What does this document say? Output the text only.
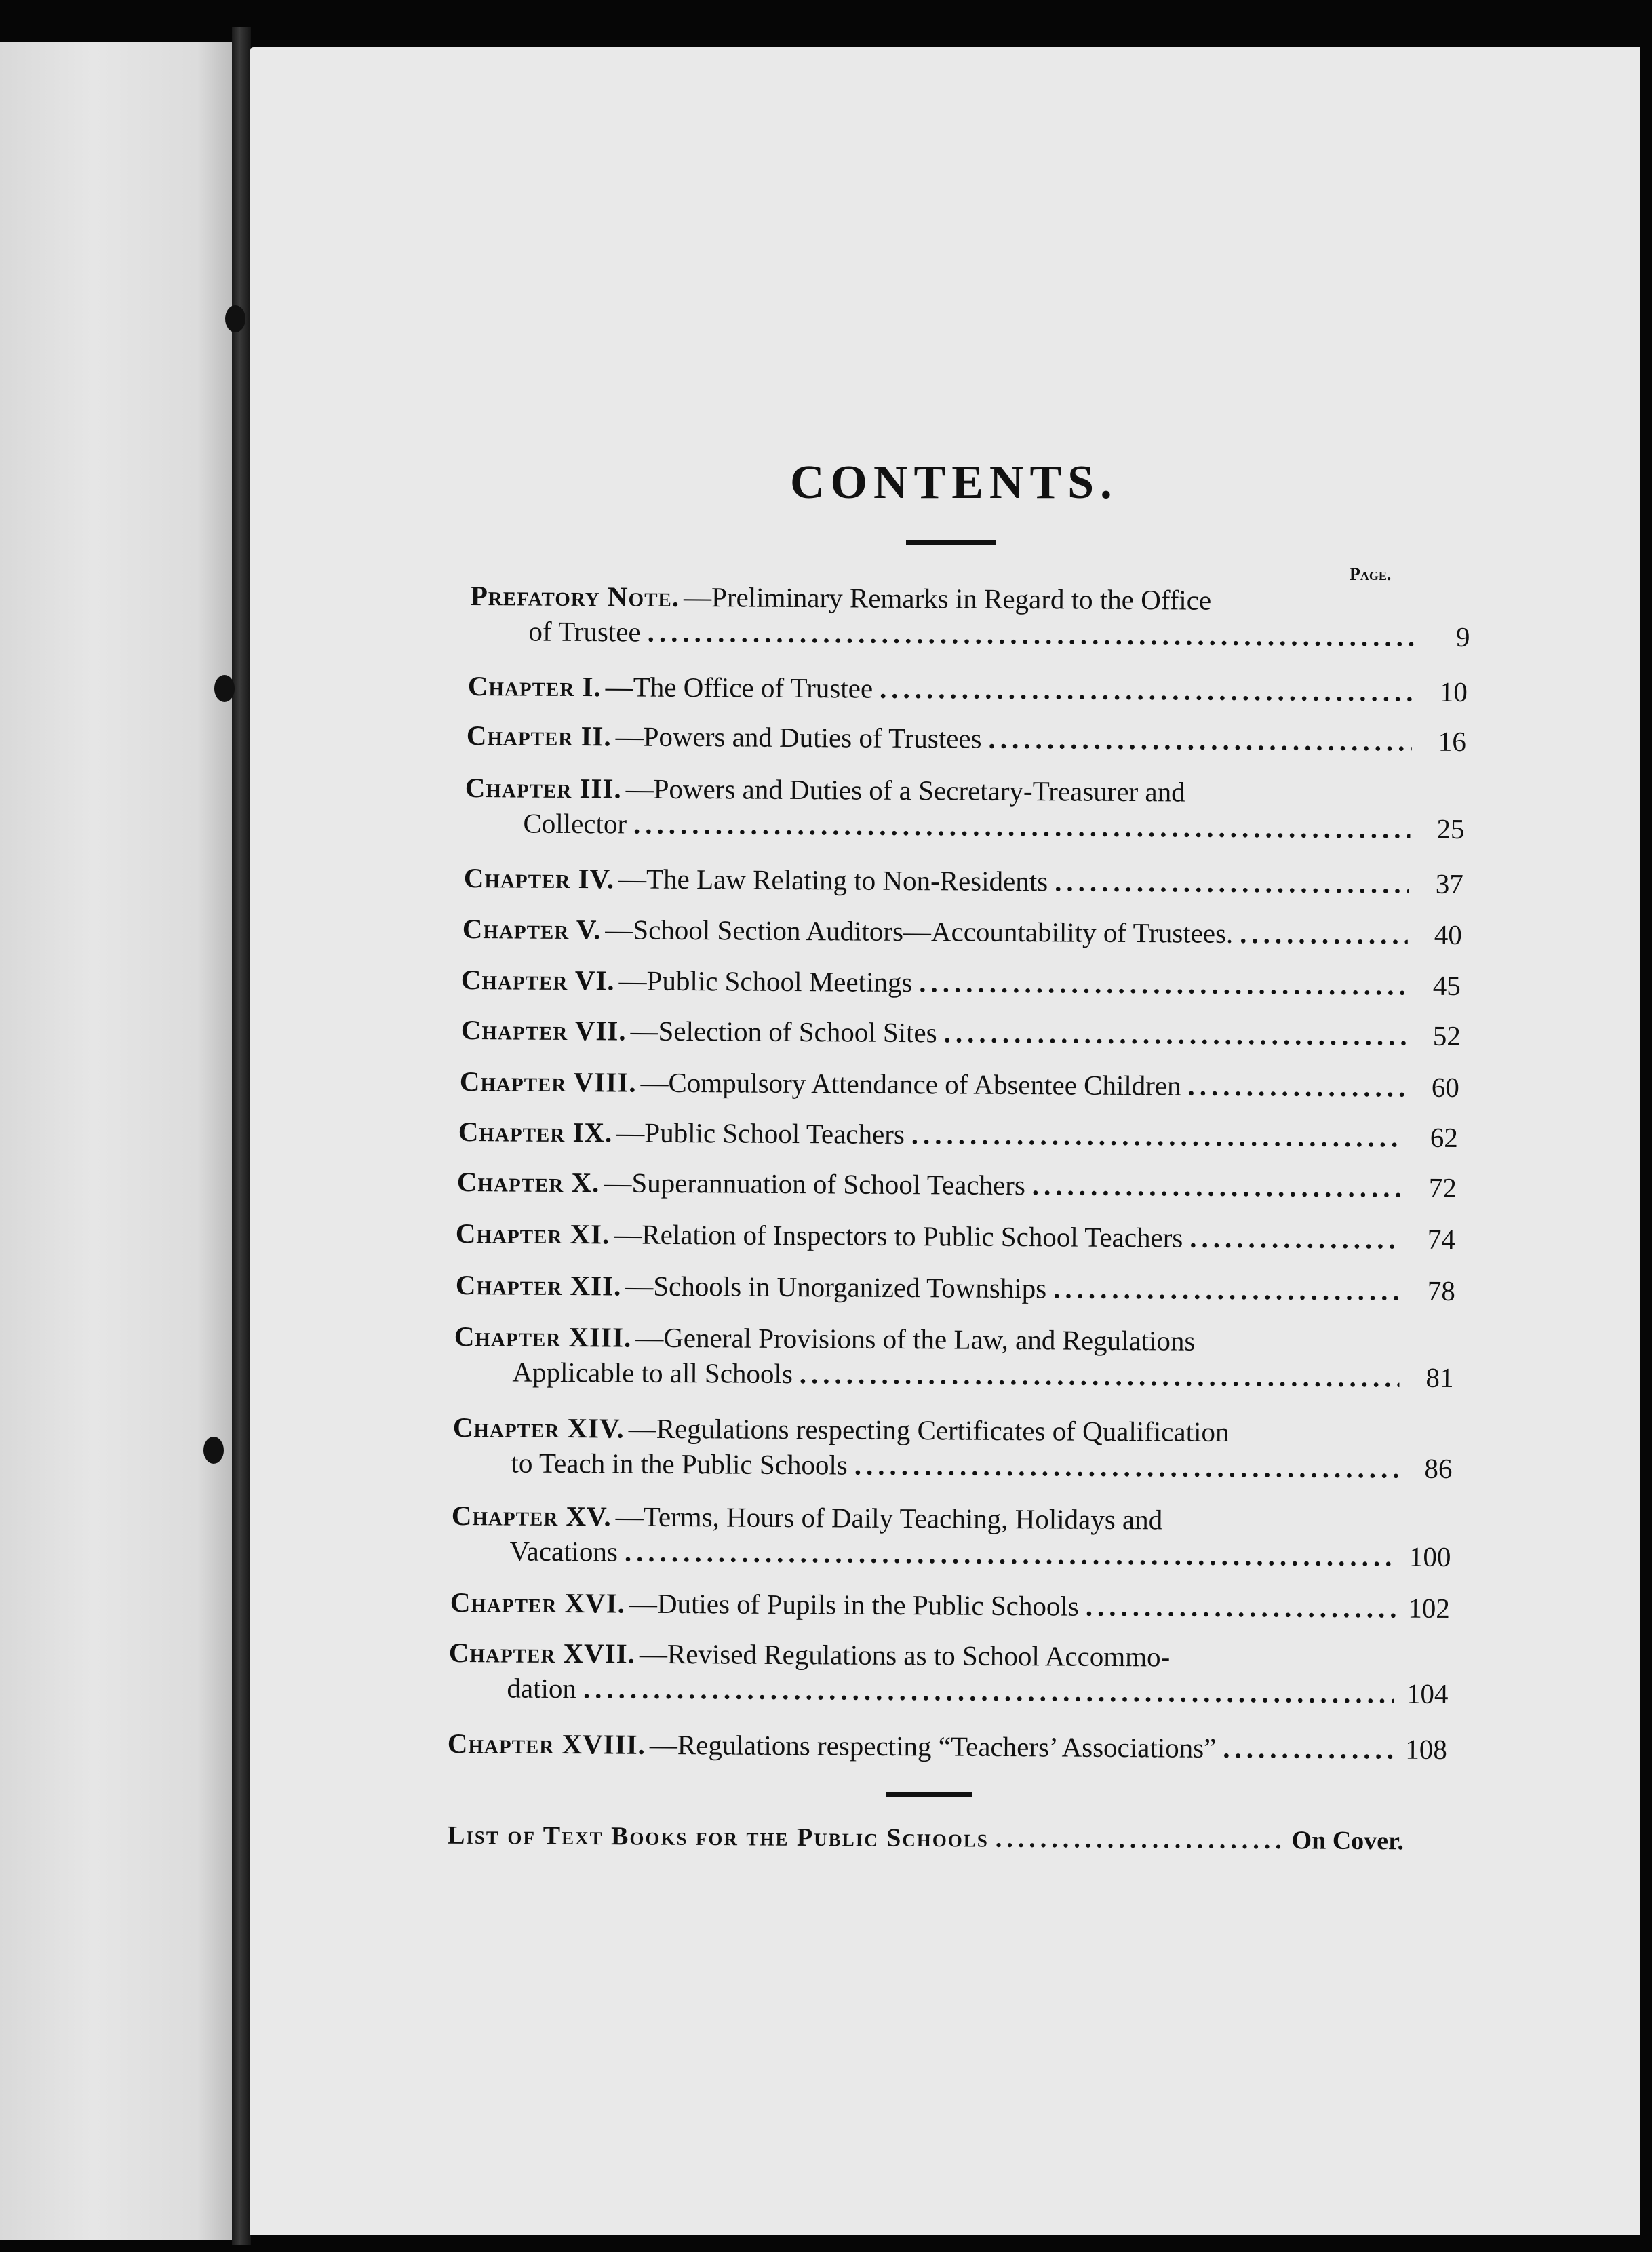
CONTENTS.
Page.
Prefatory Note. —Preliminary Remarks in Regard to the Office
of Trustee .....	9
Chapter I. —The Office of Trustee .....	10
Chapter II. —Powers and Duties of Trustees .....	16
Chapter III. —Powers and Duties of a Secretary-Treasurer and
Collector .....	25
Chapter IV. —The Law Relating to Non-Residents .....	37
Chapter V. —School Section Auditors—Accountability of Trustees. .....	40
Chapter VI. —Public School Meetings .....	45
Chapter VII. —Selection of School Sites .....	52
Chapter VIII. —Compulsory Attendance of Absentee Children .....	60
Chapter IX. —Public School Teachers .....	62
Chapter X. —Superannuation of School Teachers .....	72
Chapter XI. —Relation of Inspectors to Public School Teachers .....	74
Chapter XII. —Schools in Unorganized Townships .....	78
Chapter XIII. —General Provisions of the Law, and Regulations
Applicable to all Schools .....	81
Chapter XIV. —Regulations respecting Certificates of Qualification
to Teach in the Public Schools .....	86
Chapter XV. —Terms, Hours of Daily Teaching, Holidays and
Vacations .....	100
Chapter XVI. —Duties of Pupils in the Public Schools .....	102
Chapter XVII. —Revised Regulations as to School Accommo-
dation .....	104
Chapter XVIII. —Regulations respecting “Teachers’ Associations” .....	108
List of Text Books for the Public Schools .....	On Cover.
